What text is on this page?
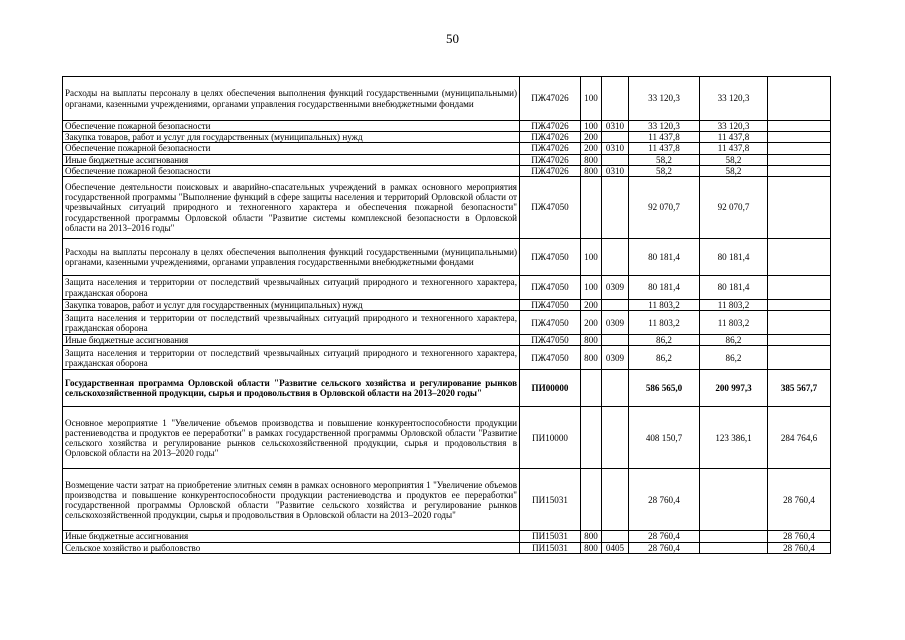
50
Расходы на выплаты персоналу в целях обеспечения выполнения функций государственными (муниципальными) органами, казенными учреждениями, органами управления государственными внебюджетными фондами	ПЖ47026	100		33 120,3	33 120,3	
Обеспечение пожарной безопасности	ПЖ47026	100	0310	33 120,3	33 120,3	
Закупка товаров, работ и услуг для государственных (муниципальных) нужд	ПЖ47026	200		11 437,8	11 437,8	
Обеспечение пожарной безопасности	ПЖ47026	200	0310	11 437,8	11 437,8	
Иные бюджетные ассигнования	ПЖ47026	800		58,2	58,2	
Обеспечение пожарной безопасности	ПЖ47026	800	0310	58,2	58,2	
Обеспечение деятельности поисковых и аварийно-спасательных учреждений в рамках основного мероприятия государственной программы "Выполнение функций в сфере защиты населения и территорий Орловской области от чрезвычайных ситуаций природного и техногенного характера и обеспечения пожарной безопасности" государственной программы Орловской области "Развитие системы комплексной безопасности в Орловской области на 2013–2016 годы"	ПЖ47050			92 070,7	92 070,7	
Расходы на выплаты персоналу в целях обеспечения выполнения функций государственными (муниципальными) органами, казенными учреждениями, органами управления государственными внебюджетными фондами	ПЖ47050	100		80 181,4	80 181,4	
Защита населения и территории от последствий чрезвычайных ситуаций природного и техногенного характера, гражданская оборона	ПЖ47050	100	0309	80 181,4	80 181,4	
Закупка товаров, работ и услуг для государственных (муниципальных) нужд	ПЖ47050	200		11 803,2	11 803,2	
Защита населения и территории от последствий чрезвычайных ситуаций природного и техногенного характера, гражданская оборона	ПЖ47050	200	0309	11 803,2	11 803,2	
Иные бюджетные ассигнования	ПЖ47050	800		86,2	86,2	
Защита населения и территории от последствий чрезвычайных ситуаций природного и техногенного характера, гражданская оборона	ПЖ47050	800	0309	86,2	86,2	
Государственная программа Орловской области "Развитие сельского хозяйства и регулирование рынков сельскохозяйственной продукции, сырья и продовольствия в Орловской области на 2013–2020 годы"	ПИ00000			586 565,0	200 997,3	385 567,7
Основное мероприятие 1 "Увеличение объемов производства и повышение конкурентоспособности продукции растениеводства и продуктов ее переработки" в рамках государственной программы Орловской области "Развитие сельского хозяйства и регулирование рынков сельскохозяйственной продукции, сырья и продовольствия в Орловской области на 2013–2020 годы"	ПИ10000			408 150,7	123 386,1	284 764,6
Возмещение части затрат на приобретение элитных семян в рамках основного мероприятия 1 "Увеличение объемов производства и повышение конкурентоспособности продукции растениеводства и продуктов ее переработки" государственной программы Орловской области "Развитие сельского хозяйства и регулирование рынков сельскохозяйственной продукции, сырья и продовольствия в Орловской области на 2013–2020 годы"	ПИ15031			28 760,4		28 760,4
Иные бюджетные ассигнования	ПИ15031	800		28 760,4		28 760,4
Сельское хозяйство и рыболовство	ПИ15031	800	0405	28 760,4		28 760,4
